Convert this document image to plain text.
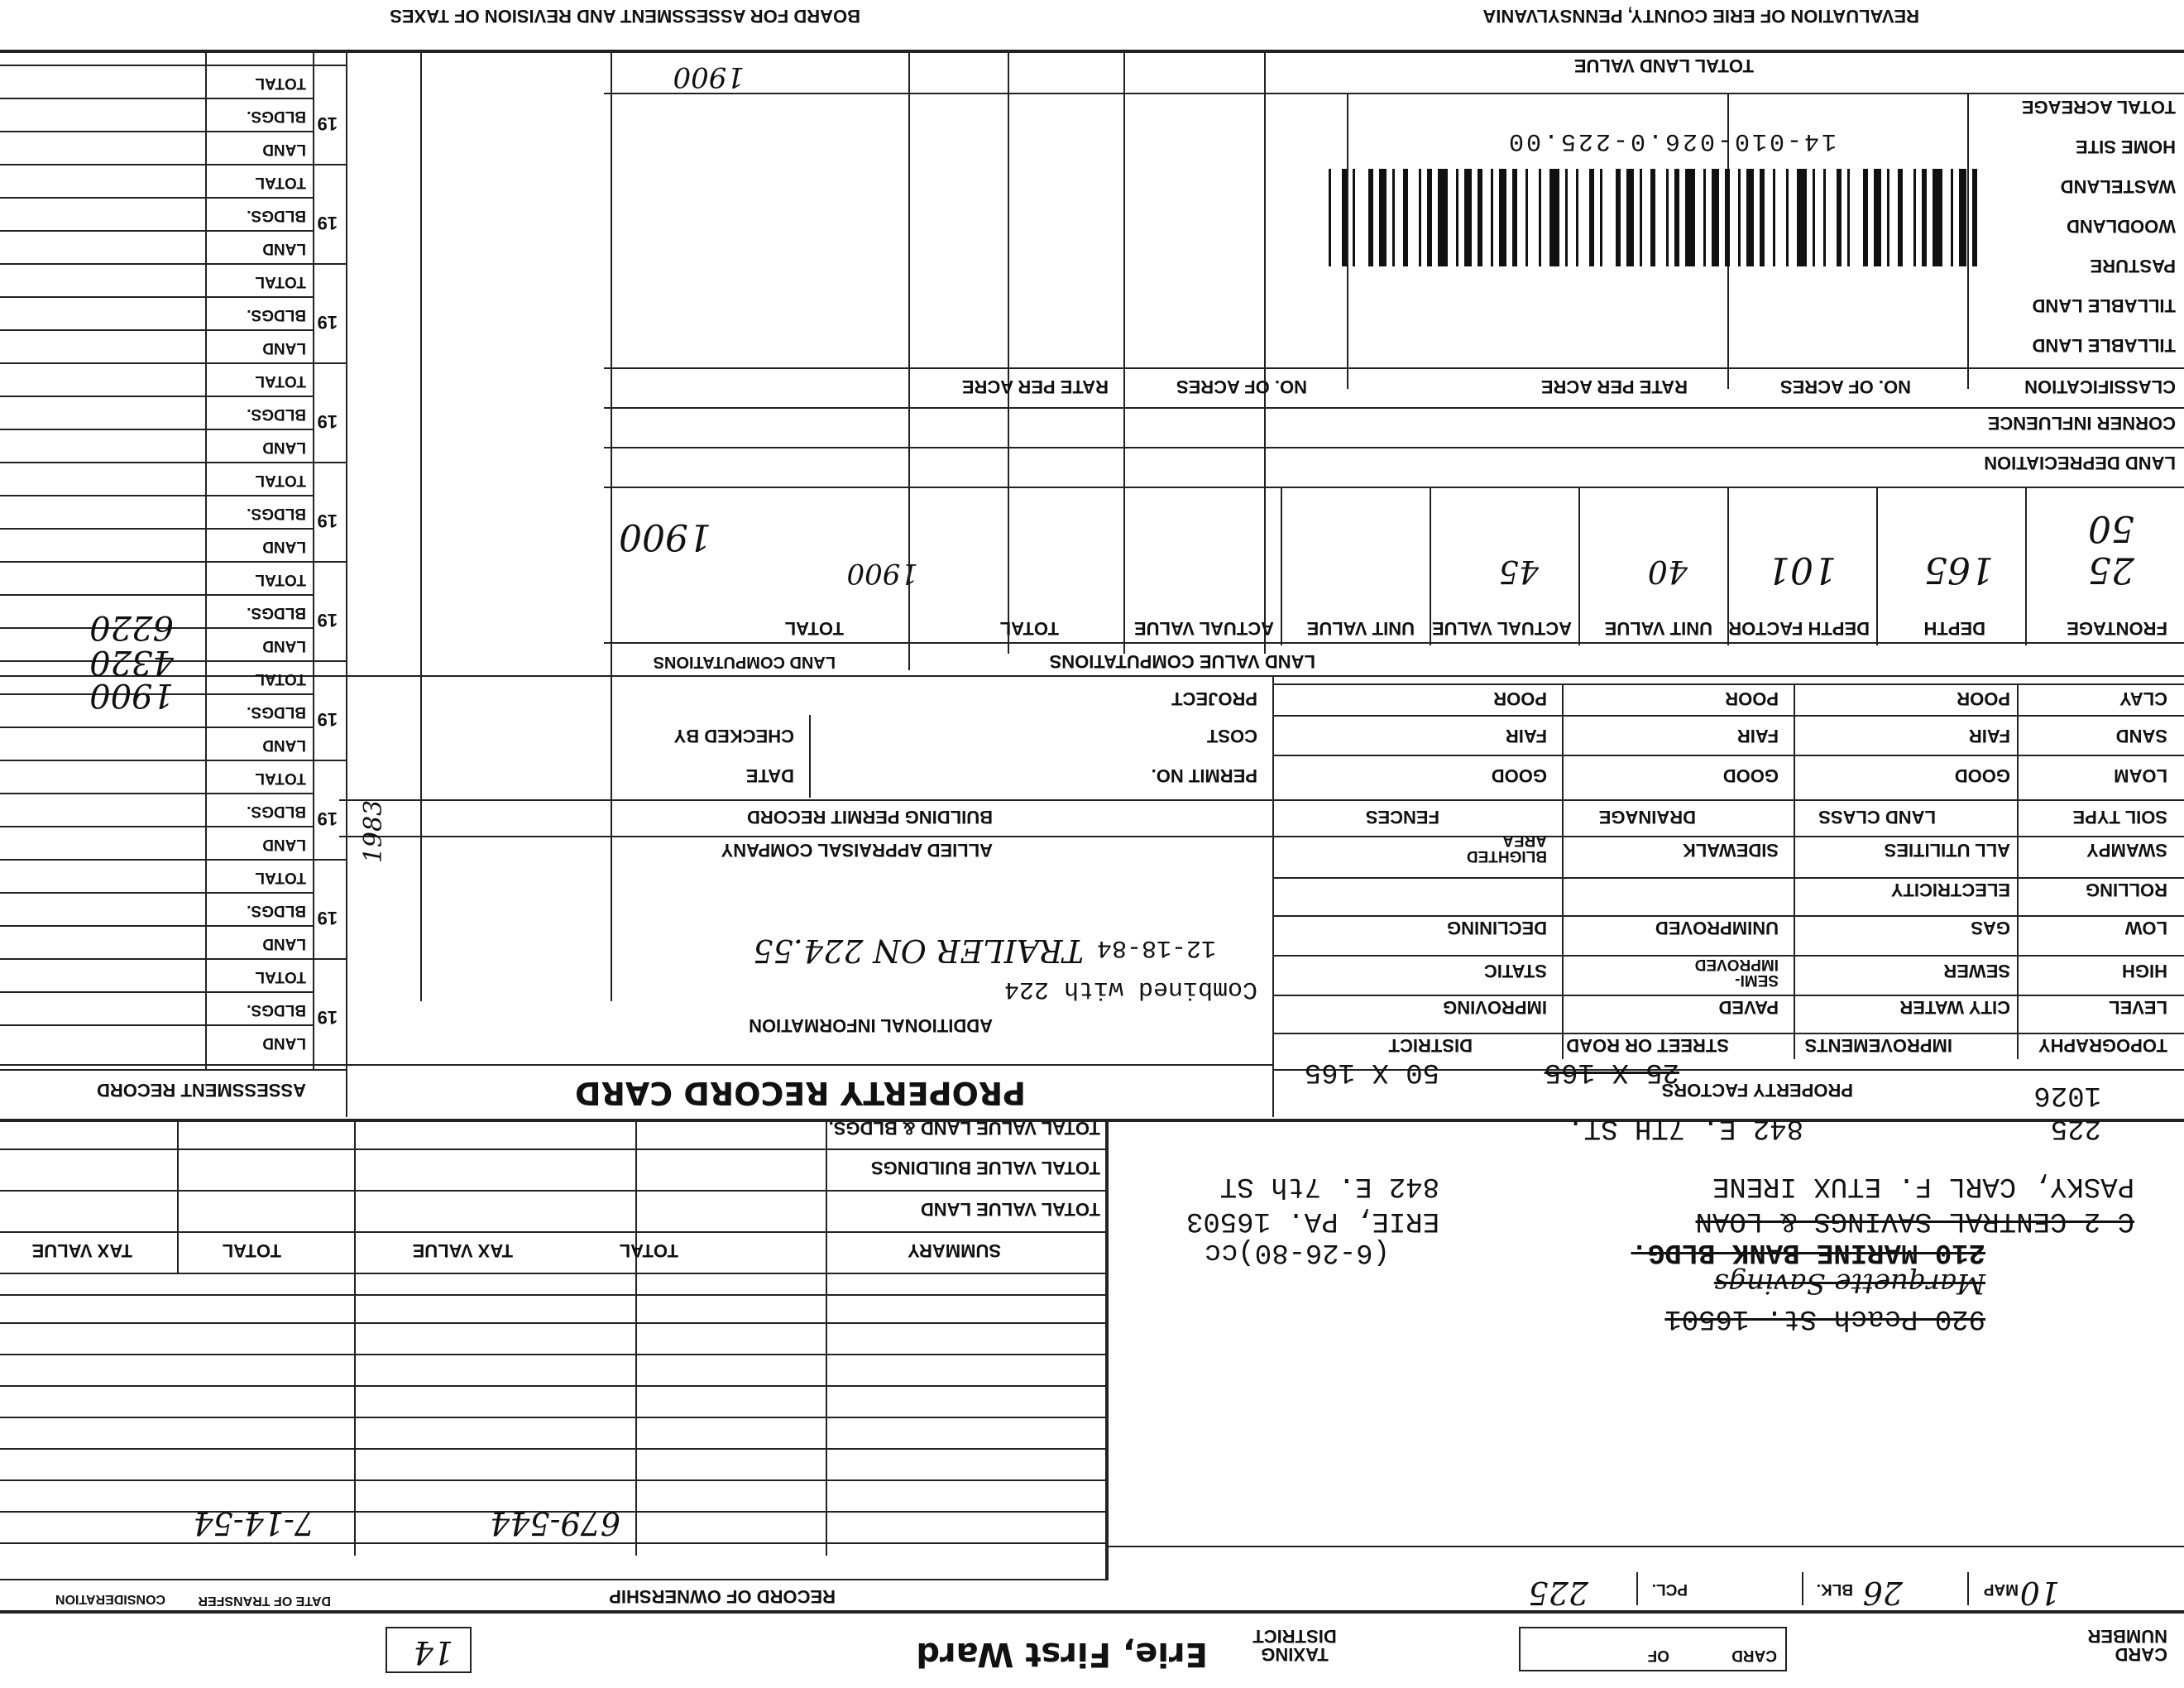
REVALUATION OF ERIE COUNTY, PENNSYLVANIA
BOARD FOR ASSESSMENT AND REVISION OF TAXES
TOTAL LAND VALUE
TOTAL ACREAGE
HOME SITE
WASTELAND
WOODLAND
PASTURE
TILLABLE LAND
TILLABLE LAND
14-010-026.0-225.00
CLASSIFICATION
NO. OF ACRES
RATE PER ACRE
NO. OF ACRES
RATE PER ACRE
CORNER INFLUENCE
LAND DEPRECIATION
50
25
165
101
40
45
1900
1900
FRONTAGE
DEPTH
DEPTH FACTOR
UNIT VALUE
ACTUAL VALUE
UNIT VALUE
ACTUAL VALUE
TOTAL
TOTAL
LAND VALUE COMPUTATIONS
LAND COMPUTATIONS
1900
CLAY
POOR
POOR
POOR
SAND
FAIR
FAIR
FAIR
LOAM
GOOD
GOOD
GOOD
SOIL TYPE
LAND CLASS
DRAINAGE
FENCES
SWAMPY
ALL UTILITIES
SIDEWALK
BLIGHTED AREA
ROLLING
ELECTRICITY
LOW
GAS
UNIMPROVED
DECLINING
HIGH
SEWER
SEMI-IMPROVED
STATIC
LEVEL
CITY WATER
PAVED
IMPROVING
TOPOGRAPHY
IMPROVEMENTS
STREET OR ROAD
DISTRICT
PROPERTY FACTORS
PROJECT
COST
CHECKED BY
PERMIT NO.
DATE
BUILDING PERMIT RECORD
ALLIED APPRAISAL COMPANY
12-18-84
TRAILER ON 224.55
Combined with 224
ADDITIONAL INFORMATION
PROPERTY RECORD CARD
ASSESSMENT RECORD
LAND
BLDGS.
TOTAL
19
LAND
BLDGS.
TOTAL
19
LAND
BLDGS.
TOTAL
19
LAND
BLDGS.
TOTAL
19
LAND
BLDGS.
TOTAL
19
LAND
BLDGS.
TOTAL
19
LAND
BLDGS.
TOTAL
19
LAND
BLDGS.
TOTAL
19
LAND
BLDGS.
TOTAL
19
LAND
BLDGS.
TOTAL
19
1900
4320
6220
1983
PASKY, CARL F. ETUX IRENE
C-2 CENTRAL SAVINGS & LOAN
210 MARINE BANK BLDG.
Marquette Savings
920 Peach St. 16501
842 E. 7th ST
ERIE, PA. 16503
(6-26-80)cc
1026
225
842 E. 7TH ST.
25 X 165
50 X 165
TOTAL VALUE LAND & BLDGS.
TOTAL VALUE BUILDINGS
TOTAL VALUE LAND
SUMMARY
TOTAL
TAX VALUE
TOTAL
TAX VALUE
679-544
7-14-54
RECORD OF OWNERSHIP
DATE OF TRANSFER
CONSIDERATION
CARD NUMBER
MAP 10
BLK. 26
PCL.
225
CARD
OF
TAXING DISTRICT
Erie, First Ward
14
